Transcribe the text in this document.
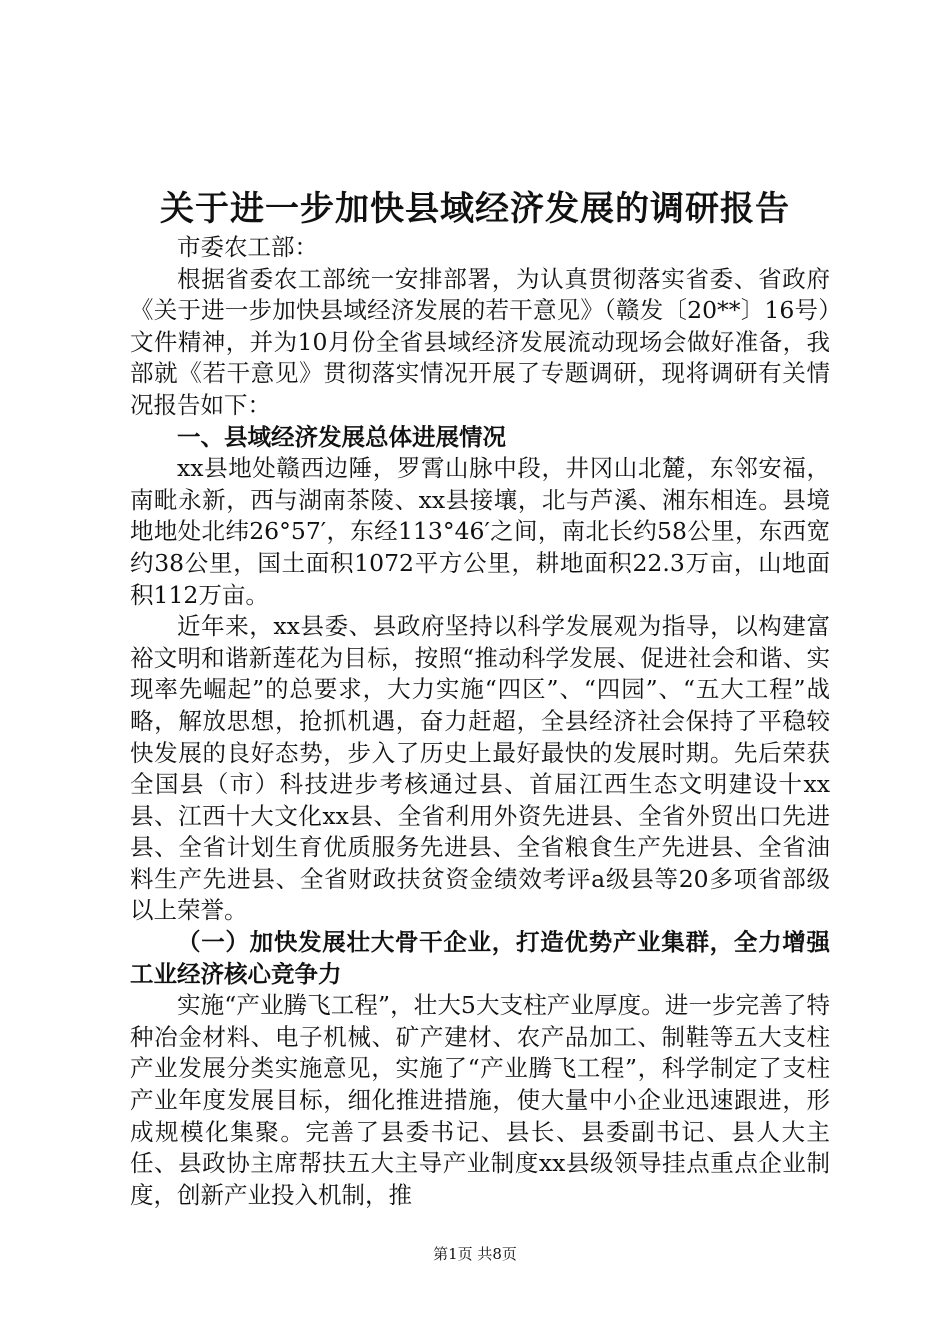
关于进一步加快县域经济发展的调研报告

市委农工部：

根据省委农工部统一安排部署，为认真贯彻落实省委、省政府《关于进一步加快县域经济发展的若干意见》（赣发〔20**〕16号）文件精神，并为10月份全省县域经济发展流动现场会做好准备，我部就《若干意见》贯彻落实情况开展了专题调研，现将调研有关情况报告如下：

一、县域经济发展总体进展情况

xx县地处赣西边陲，罗霄山脉中段，井冈山北麓，东邻安福，南毗永新，西与湖南茶陵、xx县接壤，北与芦溪、湘东相连。县境地地处北纬26°57′，东经113°46′之间，南北长约58公里，东西宽约38公里，国土面积1072平方公里，耕地面积22.3万亩，山地面积112万亩。

近年来，xx县委、县政府坚持以科学发展观为指导，以构建富裕文明和谐新莲花为目标，按照“推动科学发展、促进社会和谐、实现率先崛起”的总要求，大力实施“四区”、“四园”、“五大工程”战略，解放思想，抢抓机遇，奋力赶超，全县经济社会保持了平稳较快发展的良好态势，步入了历史上最好最快的发展时期。先后荣获全国县（市）科技进步考核通过县、首届江西生态文明建设十xx县、江西十大文化xx县、全省利用外资先进县、全省外贸出口先进县、全省计划生育优质服务先进县、全省粮食生产先进县、全省油料生产先进县、全省财政扶贫资金绩效考评a级县等20多项省部级以上荣誉。

（一）加快发展壮大骨干企业，打造优势产业集群，全力增强工业经济核心竞争力

实施“产业腾飞工程”，壮大5大支柱产业厚度。进一步完善了特种冶金材料、电子机械、矿产建材、农产品加工、制鞋等五大支柱产业发展分类实施意见，实施了“产业腾飞工程”，科学制定了支柱产业年度发展目标，细化推进措施，使大量中小企业迅速跟进，形成规模化集聚。完善了县委书记、县长、县委副书记、县人大主任、县政协主席帮扶五大主导产业制度xx县级领导挂点重点企业制度，创新产业投入机制，推

第1页 共8页
